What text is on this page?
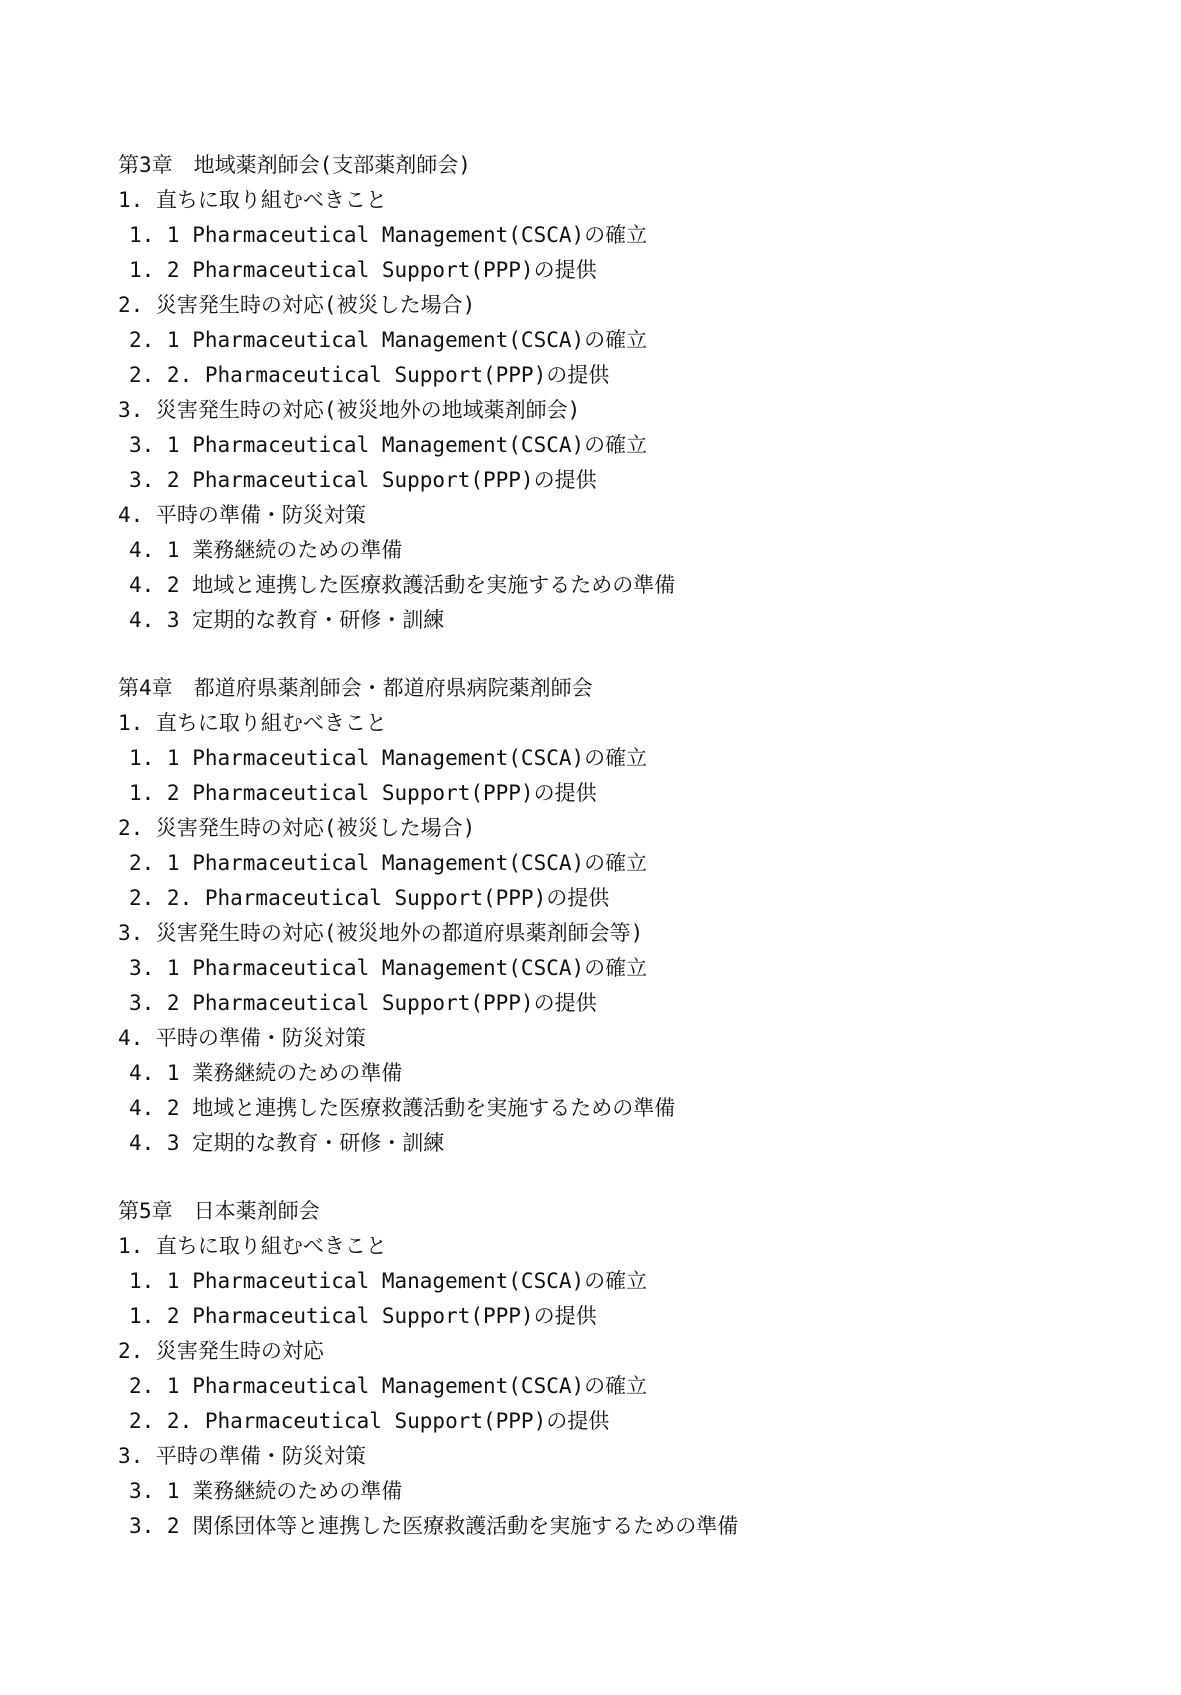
第3章　地域薬剤師会(支部薬剤師会)
1. 直ちに取り組むべきこと
1. 1 Pharmaceutical Management(CSCA)の確立
1. 2 Pharmaceutical Support(PPP)の提供
2. 災害発生時の対応(被災した場合)
2. 1 Pharmaceutical Management(CSCA)の確立
2. 2. Pharmaceutical Support(PPP)の提供
3. 災害発生時の対応(被災地外の地域薬剤師会)
3. 1 Pharmaceutical Management(CSCA)の確立
3. 2 Pharmaceutical Support(PPP)の提供
4. 平時の準備・防災対策
4. 1 業務継続のための準備
4. 2 地域と連携した医療救護活動を実施するための準備
4. 3 定期的な教育・研修・訓練
第4章　都道府県薬剤師会・都道府県病院薬剤師会
1. 直ちに取り組むべきこと
1. 1 Pharmaceutical Management(CSCA)の確立
1. 2 Pharmaceutical Support(PPP)の提供
2. 災害発生時の対応(被災した場合)
2. 1 Pharmaceutical Management(CSCA)の確立
2. 2. Pharmaceutical Support(PPP)の提供
3. 災害発生時の対応(被災地外の都道府県薬剤師会等)
3. 1 Pharmaceutical Management(CSCA)の確立
3. 2 Pharmaceutical Support(PPP)の提供
4. 平時の準備・防災対策
4. 1 業務継続のための準備
4. 2 地域と連携した医療救護活動を実施するための準備
4. 3 定期的な教育・研修・訓練
第5章　日本薬剤師会
1. 直ちに取り組むべきこと
1. 1 Pharmaceutical Management(CSCA)の確立
1. 2 Pharmaceutical Support(PPP)の提供
2. 災害発生時の対応
2. 1 Pharmaceutical Management(CSCA)の確立
2. 2. Pharmaceutical Support(PPP)の提供
3. 平時の準備・防災対策
3. 1 業務継続のための準備
3. 2 関係団体等と連携した医療救護活動を実施するための準備
